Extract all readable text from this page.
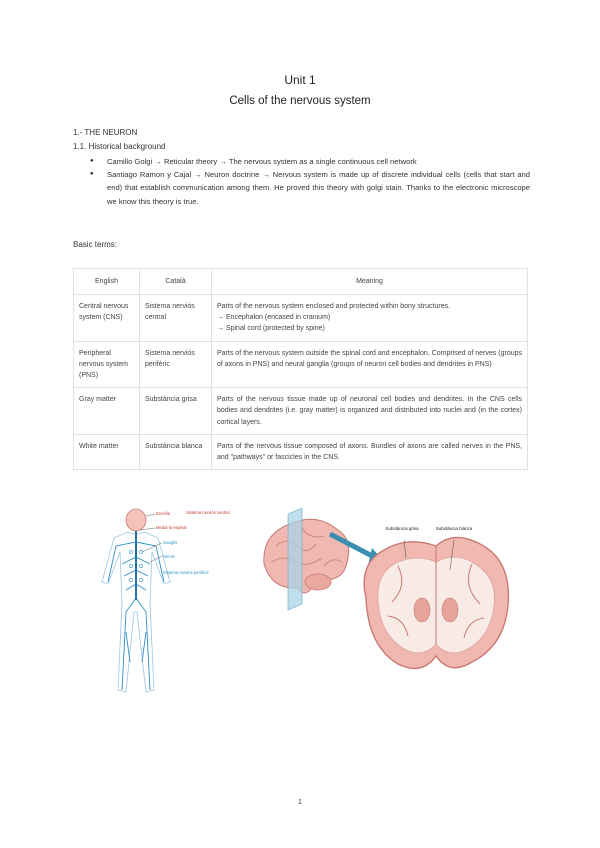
Unit 1
Cells of the nervous system
1.- THE NEURON
1.1. Historical background
● Camillo Golgi → Reticular theory → The nervous system as a single continuous cell network
● Santiago Ramon y Cajal → Neuron doctrine → Nervous system is made up of discrete individual cells (cells that start and end) that establish communication among them. He proved this theory with golgi stain. Thanks to the electronic microscope we know this theory is true.
Basic terms:
English	Català	Meaning
Central nervous system (CNS)	Sistema nerviós central	Parts of the nervous system enclosed and protected within bony structures.
→ Encephalon (encased in cranium)
→ Spinal cord (protected by spine)

Peripheral nervous system (PNS)	Sistema nerviós perifèric	Parts of the nervous system outside the spinal cord and encephalon. Comprised of nerves (groups of axons in PNS) and neural ganglia (groups of neuron cell bodies and dendrites in PNS)
Gray matter	Substància grisa	Parts of the nervous tissue made up of neuronal cell bodies and dendrites. In the CNS cells bodies and dendrites (i.e. gray matter) is organized and distributed into nuclei and (in the cortex) cortical layers.
White matter	Substància blanca	Parts of the nervous tissue composed of axons. Bundles of axons are called nerves in the PNS, and "pathways" or fascicles in the CNS.
Encèfal
Medul·la espinal
Sistema nerviós central
Ganglis
Nervis
Sistema nerviós perifèric
Substància grisa	Substància blanca
1
